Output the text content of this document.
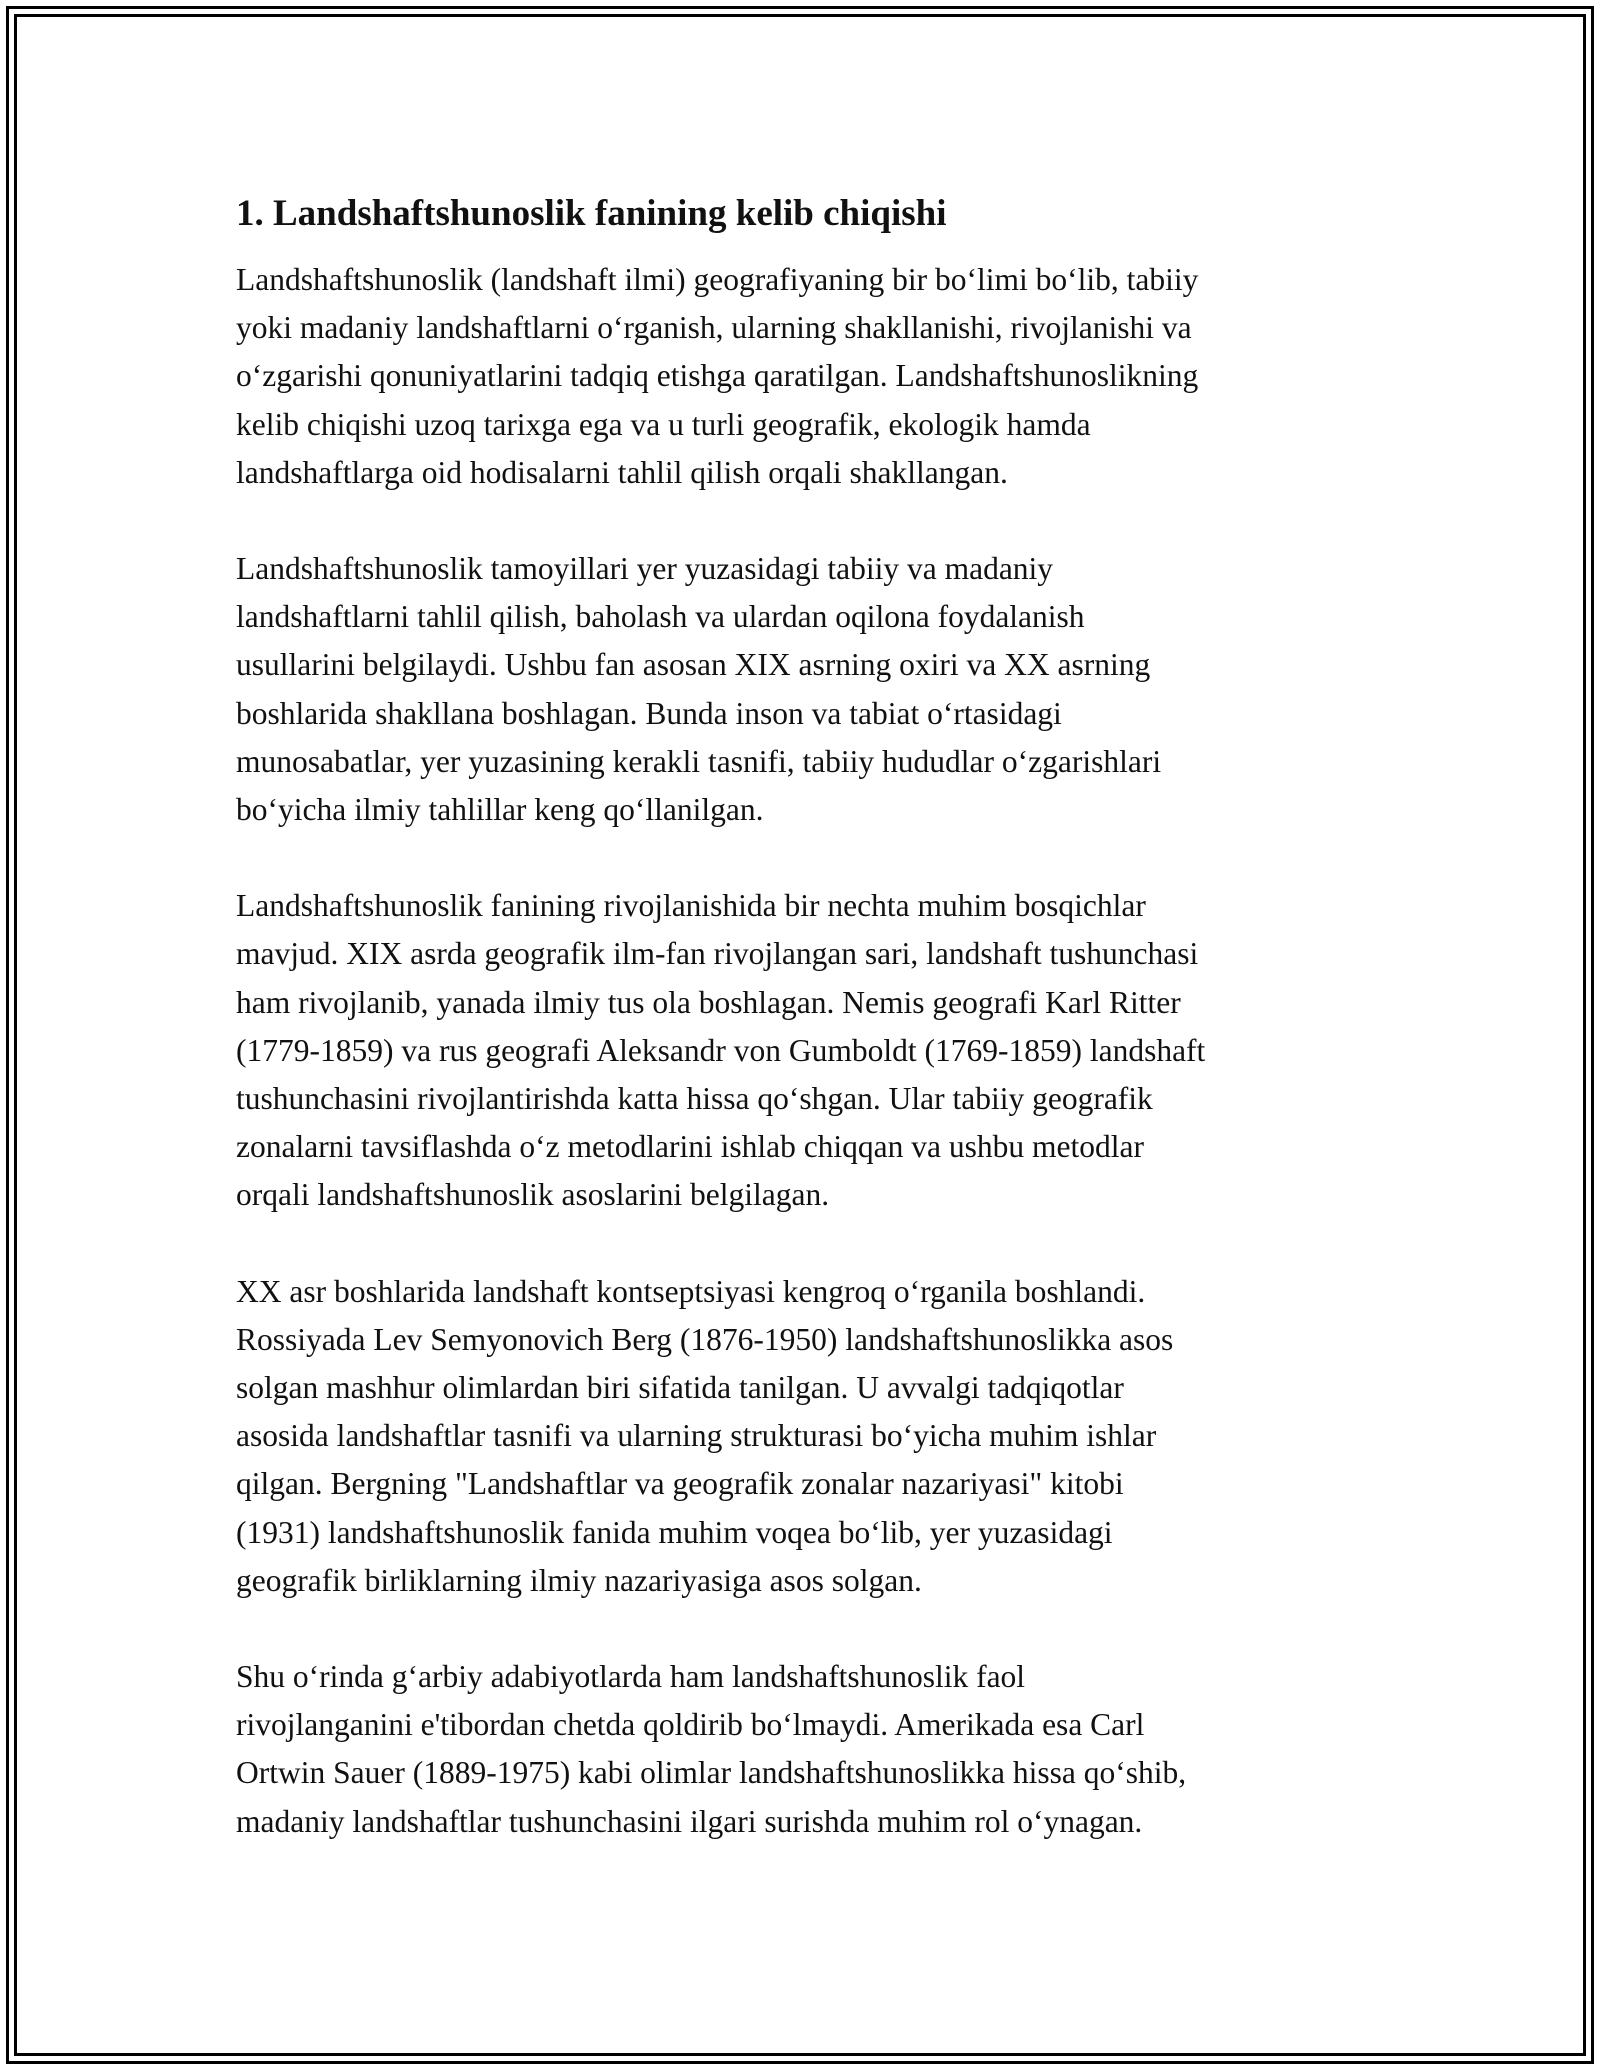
1. Landshaftshunoslik fanining kelib chiqishi

Landshaftshunoslik (landshaft ilmi) geografiyaning bir bo‘limi bo‘lib, tabiiy
yoki madaniy landshaftlarni o‘rganish, ularning shakllanishi, rivojlanishi va
o‘zgarishi qonuniyatlarini tadqiq etishga qaratilgan. Landshaftshunoslikning
kelib chiqishi uzoq tarixga ega va u turli geografik, ekologik hamda
landshaftlarga oid hodisalarni tahlil qilish orqali shakllangan.

Landshaftshunoslik tamoyillari yer yuzasidagi tabiiy va madaniy
landshaftlarni tahlil qilish, baholash va ulardan oqilona foydalanish
usullarini belgilaydi. Ushbu fan asosan XIX asrning oxiri va XX asrning
boshlarida shakllana boshlagan. Bunda inson va tabiat o‘rtasidagi
munosabatlar, yer yuzasining kerakli tasnifi, tabiiy hududlar o‘zgarishlari
bo‘yicha ilmiy tahlillar keng qo‘llanilgan.

Landshaftshunoslik fanining rivojlanishida bir nechta muhim bosqichlar
mavjud. XIX asrda geografik ilm-fan rivojlangan sari, landshaft tushunchasi
ham rivojlanib, yanada ilmiy tus ola boshlagan. Nemis geografi Karl Ritter
(1779-1859) va rus geografi Aleksandr von Gumboldt (1769-1859) landshaft
tushunchasini rivojlantirishda katta hissa qo‘shgan. Ular tabiiy geografik
zonalarni tavsiflashda o‘z metodlarini ishlab chiqqan va ushbu metodlar
orqali landshaftshunoslik asoslarini belgilagan.

XX asr boshlarida landshaft kontseptsiyasi kengroq o‘rganila boshlandi.
Rossiyada Lev Semyonovich Berg (1876-1950) landshaftshunoslikka asos
solgan mashhur olimlardan biri sifatida tanilgan. U avvalgi tadqiqotlar
asosida landshaftlar tasnifi va ularning strukturasi bo‘yicha muhim ishlar
qilgan. Bergning "Landshaftlar va geografik zonalar nazariyasi" kitobi
(1931) landshaftshunoslik fanida muhim voqea bo‘lib, yer yuzasidagi
geografik birliklarning ilmiy nazariyasiga asos solgan.

Shu o‘rinda g‘arbiy adabiyotlarda ham landshaftshunoslik faol
rivojlanganini e'tibordan chetda qoldirib bo‘lmaydi. Amerikada esa Carl
Ortwin Sauer (1889-1975) kabi olimlar landshaftshunoslikka hissa qo‘shib,
madaniy landshaftlar tushunchasini ilgari surishda muhim rol o‘ynagan.
